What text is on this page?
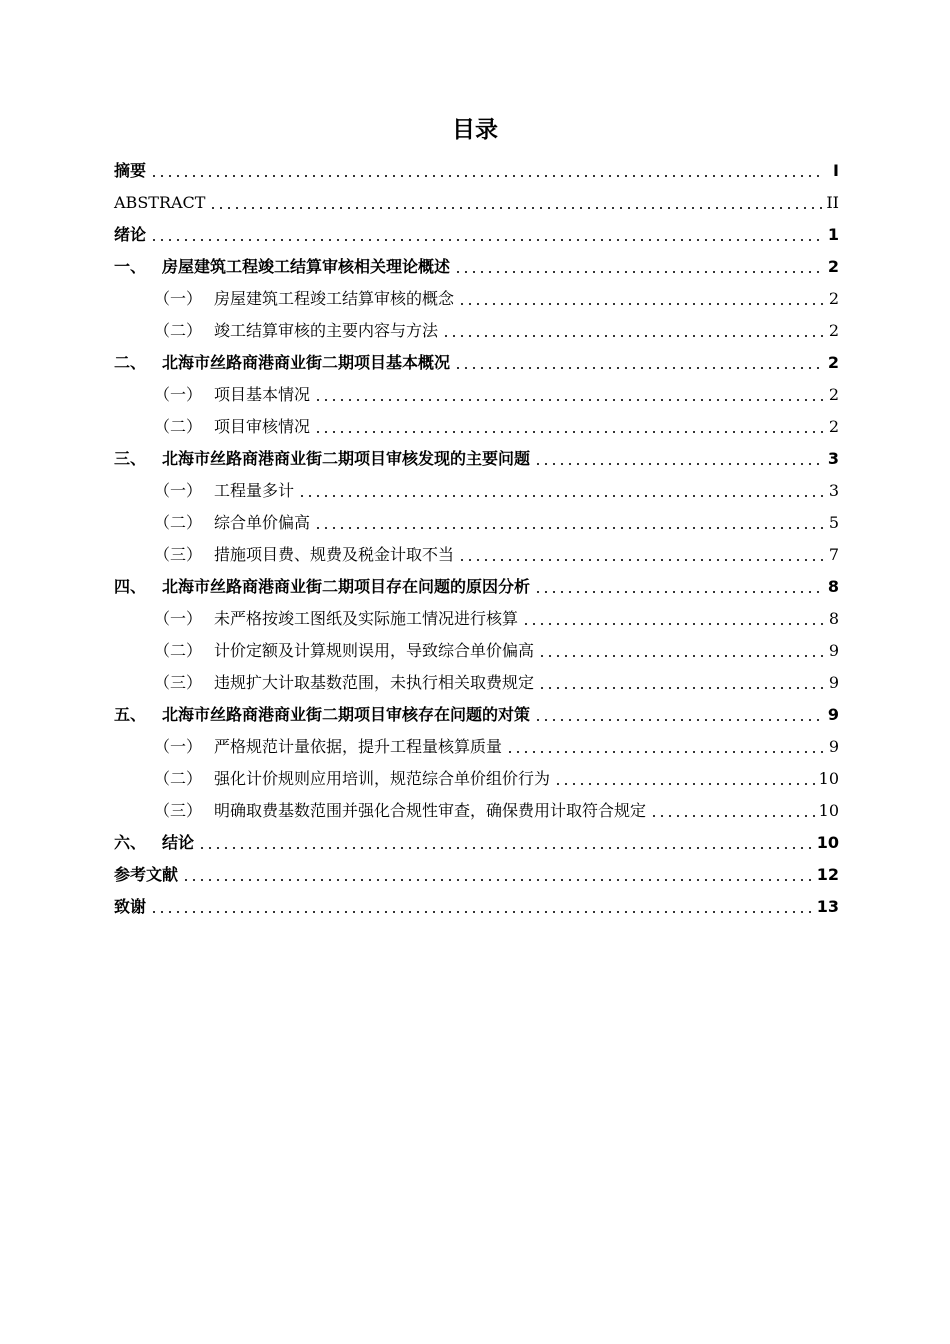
目录
摘要	I
ABSTRACT	II
绪论	1
一、 房屋建筑工程竣工结算审核相关理论概述	2
（一） 房屋建筑工程竣工结算审核的概念	2
（二） 竣工结算审核的主要内容与方法	2
二、 北海市丝路商港商业街二期项目基本概况	2
（一） 项目基本情况	2
（二） 项目审核情况	2
三、 北海市丝路商港商业街二期项目审核发现的主要问题	3
（一） 工程量多计	3
（二） 综合单价偏高	5
（三） 措施项目费、规费及税金计取不当	7
四、 北海市丝路商港商业街二期项目存在问题的原因分析	8
（一） 未严格按竣工图纸及实际施工情况进行核算	8
（二） 计价定额及计算规则误用，导致综合单价偏高	9
（三） 违规扩大计取基数范围，未执行相关取费规定	9
五、 北海市丝路商港商业街二期项目审核存在问题的对策	9
（一） 严格规范计量依据，提升工程量核算质量	9
（二） 强化计价规则应用培训，规范综合单价组价行为	10
（三） 明确取费基数范围并强化合规性审查，确保费用计取符合规定	10
六、 结论	10
参考文献	12
致谢	13
